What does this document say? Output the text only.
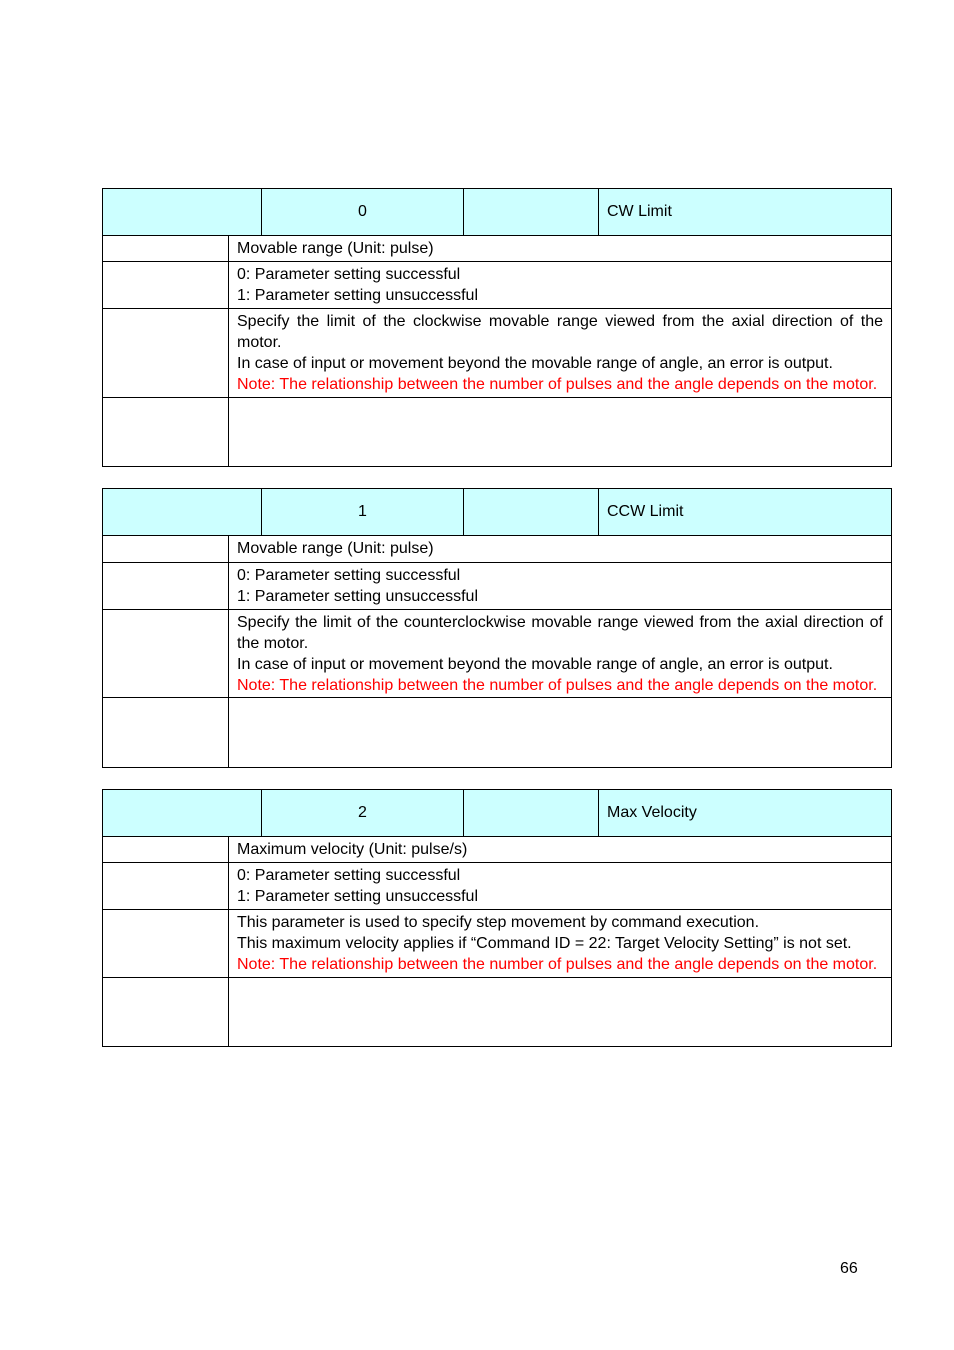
0	CW Limit
Movable range (Unit: pulse)
0: Parameter setting successful
1: Parameter setting unsuccessful
Specify the limit of the clockwise movable range viewed from the axial direction of the motor.
In case of input or movement beyond the movable range of angle, an error is output.
Note: The relationship between the number of pulses and the angle depends on the motor.
1	CCW Limit
Movable range (Unit: pulse)
0: Parameter setting successful
1: Parameter setting unsuccessful
Specify the limit of the counterclockwise movable range viewed from the axial direction of the motor.
In case of input or movement beyond the movable range of angle, an error is output.
Note: The relationship between the number of pulses and the angle depends on the motor.
2	Max Velocity
Maximum velocity (Unit: pulse/s)
0: Parameter setting successful
1: Parameter setting unsuccessful
This parameter is used to specify step movement by command execution.
This maximum velocity applies if “Command ID = 22: Target Velocity Setting” is not set.
Note: The relationship between the number of pulses and the angle depends on the motor.
66
